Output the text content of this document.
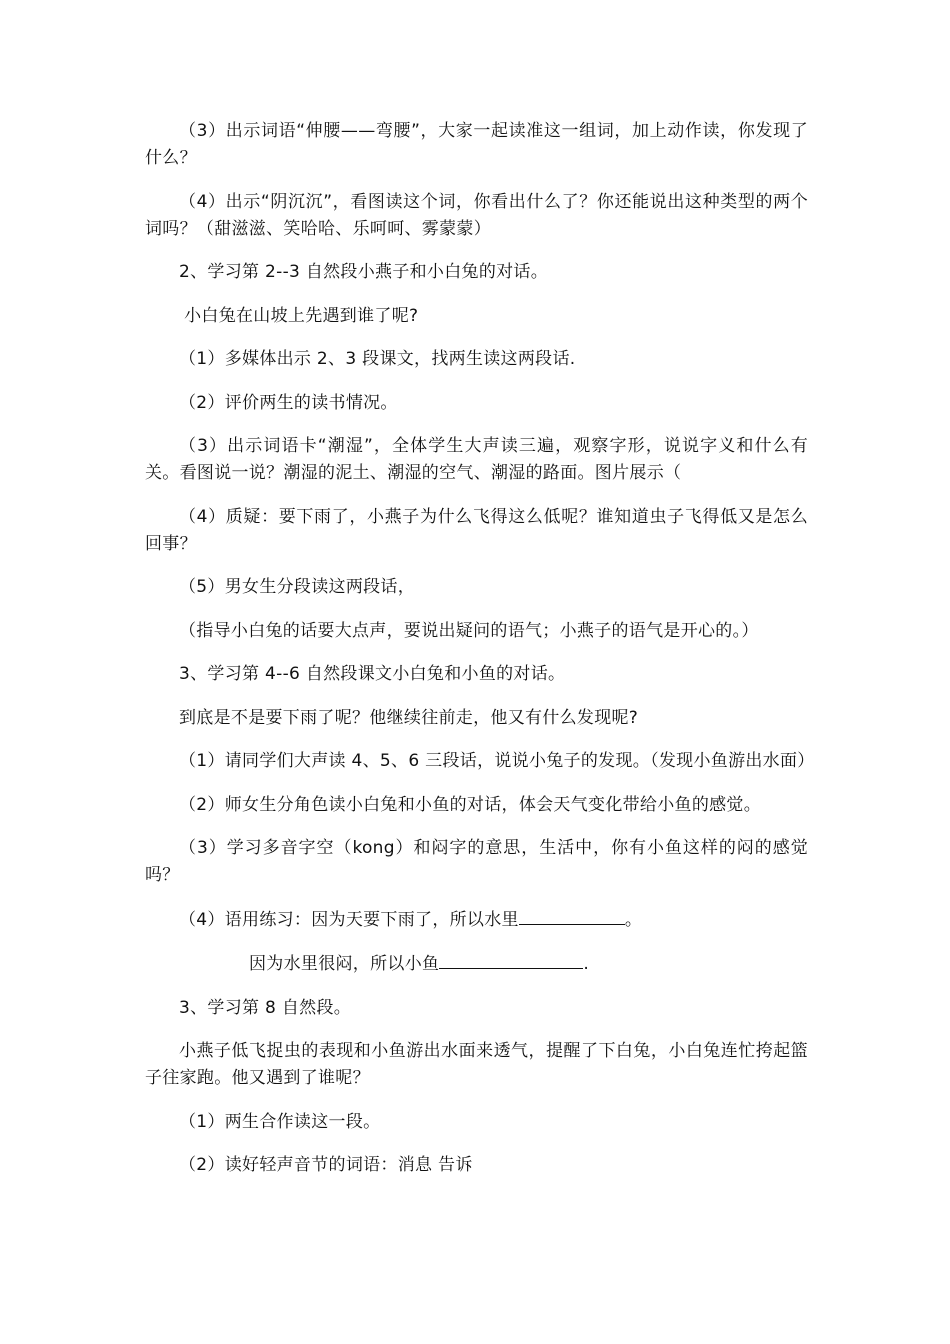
（3）出示词语“伸腰——弯腰”，大家一起读准这一组词，加上动作读，你发现了什么？

（4）出示“阴沉沉”，看图读这个词，你看出什么了？你还能说出这种类型的两个词吗？（甜滋滋、笑哈哈、乐呵呵、雾蒙蒙）

2、学习第 2--3 自然段小燕子和小白兔的对话。

小白兔在山坡上先遇到谁了呢?

（1）多媒体出示 2、3 段课文，找两生读这两段话.

（2）评价两生的读书情况。

（3）出示词语卡“潮湿”，全体学生大声读三遍，观察字形，说说字义和什么有关。看图说一说？潮湿的泥土、潮湿的空气、潮湿的路面。图片展示（

（4）质疑：要下雨了，小燕子为什么飞得这么低呢？谁知道虫子飞得低又是怎么回事？

（5）男女生分段读这两段话，

（指导小白兔的话要大点声，要说出疑问的语气；小燕子的语气是开心的。）

3、学习第 4--6 自然段课文小白兔和小鱼的对话。

到底是不是要下雨了呢？他继续往前走，他又有什么发现呢?

（1）请同学们大声读 4、5、6 三段话，说说小兔子的发现。（发现小鱼游出水面）

（2）师女生分角色读小白兔和小鱼的对话，体会天气变化带给小鱼的感觉。

（3）学习多音字空（kong）和闷字的意思，生活中，你有小鱼这样的闷的感觉吗？

（4）语用练习：因为天要下雨了，所以水里	。

因为水里很闷，所以小鱼	.

3、学习第 8 自然段。

小燕子低飞捉虫的表现和小鱼游出水面来透气，提醒了下白兔，小白兔连忙挎起篮子往家跑。他又遇到了谁呢？

（1）两生合作读这一段。

（2）读好轻声音节的词语：消息 告诉
